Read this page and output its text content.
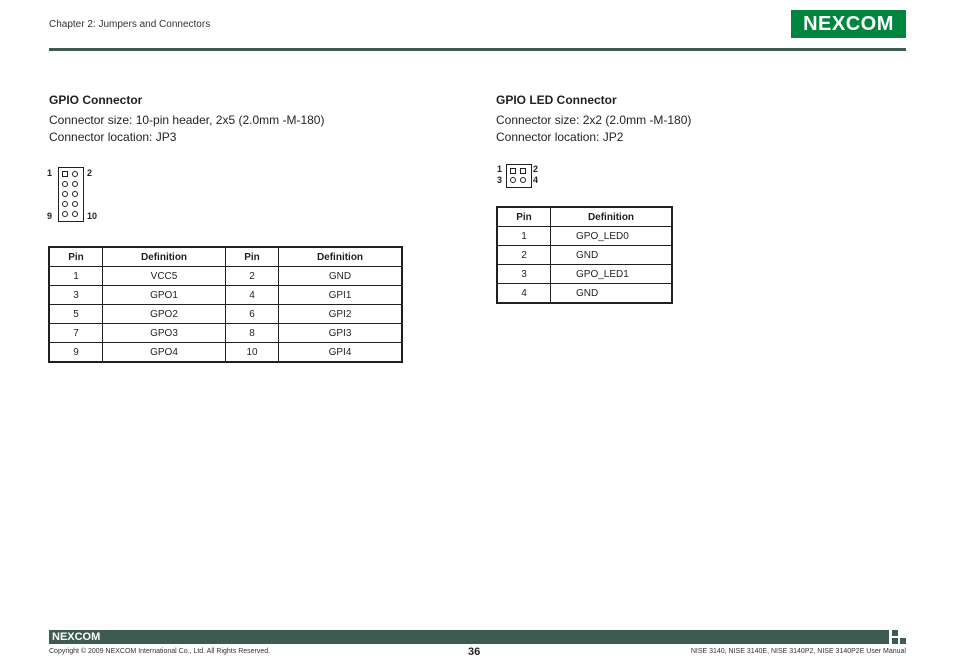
Chapter 2: Jumpers and Connectors	NEXCOM
GPIO Connector
Connector size: 10-pin header, 2x5 (2.0mm -M-180)
Connector location: JP3
1	2
9	10
Pin	Definition	Pin	Definition
1	VCC5	2	GND
3	GPO1	4	GPI1
5	GPO2	6	GPI2
7	GPO3	8	GPI3
9	GPO4	10	GPI4
GPIO LED Connector
Connector size: 2x2 (2.0mm -M-180)
Connector location: JP2
1	2
3	4
Pin	Definition
1	GPO_LED0
2	GND
3	GPO_LED1
4	GND
NEXCOM
Copyright © 2009 NEXCOM International Co., Ltd. All Rights Reserved.	36	NISE 3140, NISE 3140E, NISE 3140P2, NISE 3140P2E User Manual
